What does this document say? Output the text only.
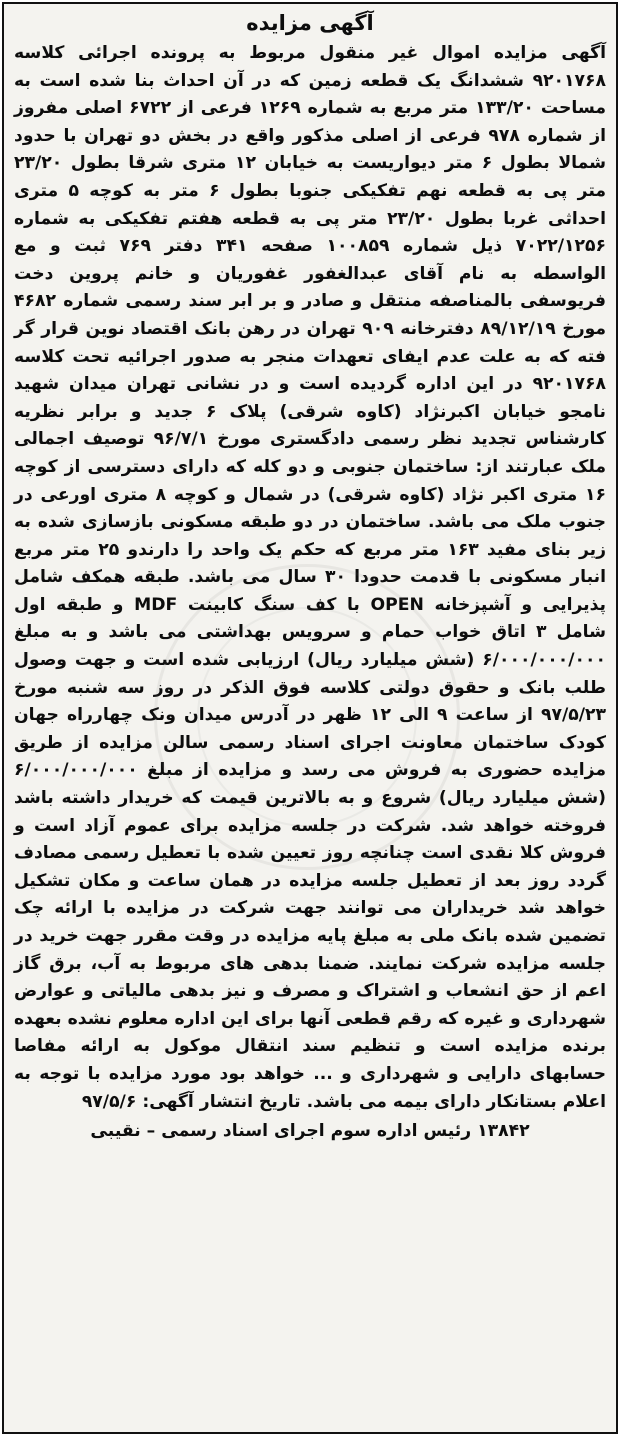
آگهی مزایده

آگهی مزایده اموال غیر منقول مربوط به پرونده اجرائی کلاسه ۹۲۰۱۷۶۸ ششدانگ یک قطعه زمین که در آن احداث بنا شده است به مساحت ۱۳۳/۲۰ متر مربع به شماره ۱۲۶۹ فرعی از ۶۷۲۲ اصلی مفروز از شماره ۹۷۸ فرعی از اصلی مذکور واقع در بخش دو تهران با حدود شمالا بطول ۶ متر دیواریست به خیابان ۱۲ متری شرقا بطول ۲۳/۲۰ متر پی به قطعه نهم تفکیکی جنوبا بطول ۶ متر به کوچه ۵ متری احداثی غربا بطول ۲۳/۲۰ متر پی به قطعه هفتم تفکیکی به شماره ۷۰۲۲/۱۲۵۶ ذیل شماره ۱۰۰۸۵۹ صفحه ۳۴۱ دفتر ۷۶۹ ثبت و مع الواسطه به نام آقای عبدالغفور غفوریان و خانم پروین دخت فریوسفی بالمناصفه منتقل و صادر و بر ابر سند رسمی شماره ۴۶۸۲ مورخ ۸۹/۱۲/۱۹ دفترخانه ۹۰۹ تهران در رهن بانک اقتصاد نوین قرار گر فته که به علت عدم ایفای تعهدات منجر به صدور اجرائیه تحت کلاسه ۹۲۰۱۷۶۸ در این اداره گردیده است و در نشانی تهران میدان شهید نامجو خیابان اکبرنژاد (کاوه شرقی) پلاک ۶ جدید و برابر نظریه کارشناس تجدید نظر رسمی دادگستری مورخ ۹۶/۷/۱ توصیف اجمالی ملک عبارتند از: ساختمان جنوبی و دو کله که دارای دسترسی از کوچه ۱۶ متری اکبر نژاد (کاوه شرقی) در شمال و کوچه ۸ متری اورعی در جنوب ملک می باشد. ساختمان در دو طبقه مسکونی بازسازی شده به زیر بنای مفید ۱۶۳ متر مربع که حکم یک واحد را دارندو ۲۵ متر مربع انبار مسکونی با قدمت حدودا ۳۰ سال می باشد. طبقه همکف شامل پذیرایی و آشپزخانه OPEN با کف سنگ کابینت MDF و طبقه اول شامل ۳ اتاق خواب حمام و سرویس بهداشتی می باشد و به مبلغ ۶/۰۰۰/۰۰۰/۰۰۰ (شش میلیارد ریال) ارزیابی شده است و جهت وصول طلب بانک و حقوق دولتی کلاسه فوق الذکر در روز سه شنبه مورخ ۹۷/۵/۲۳ از ساعت ۹ الی ۱۲ ظهر در آدرس میدان ونک چهارراه جهان کودک ساختمان معاونت اجرای اسناد رسمی سالن مزایده از طریق مزایده حضوری به فروش می رسد و مزایده از مبلغ ۶/۰۰۰/۰۰۰/۰۰۰ (شش میلیارد ریال) شروع و به بالاترین قیمت که خریدار داشته باشد فروخته خواهد شد. شرکت در جلسه مزایده برای عموم آزاد است و فروش کلا نقدی است چنانچه روز تعیین شده با تعطیل رسمی مصادف گردد روز بعد از تعطیل جلسه مزایده در همان ساعت و مکان تشکیل خواهد شد خریداران می توانند جهت شرکت در مزایده با ارائه چک تضمین شده بانک ملی به مبلغ پایه مزایده در وقت مقرر جهت خرید در جلسه مزایده شرکت نمایند. ضمنا بدهی های مربوط به آب، برق گاز اعم از حق انشعاب و اشتراک و مصرف و نیز بدهی مالیاتی و عوارض شهرداری و غیره که رقم قطعی آنها برای این اداره معلوم نشده بعهده برنده مزایده است و تنظیم سند انتقال موکول به ارائه مفاصا حسابهای دارایی و شهرداری و ... خواهد بود مورد مزایده با توجه به اعلام بستانکار دارای بیمه می باشد. تاریخ انتشار آگهی: ۹۷/۵/۶

۱۳۸۴۲ رئیس اداره سوم اجرای اسناد رسمی – نقیبی
